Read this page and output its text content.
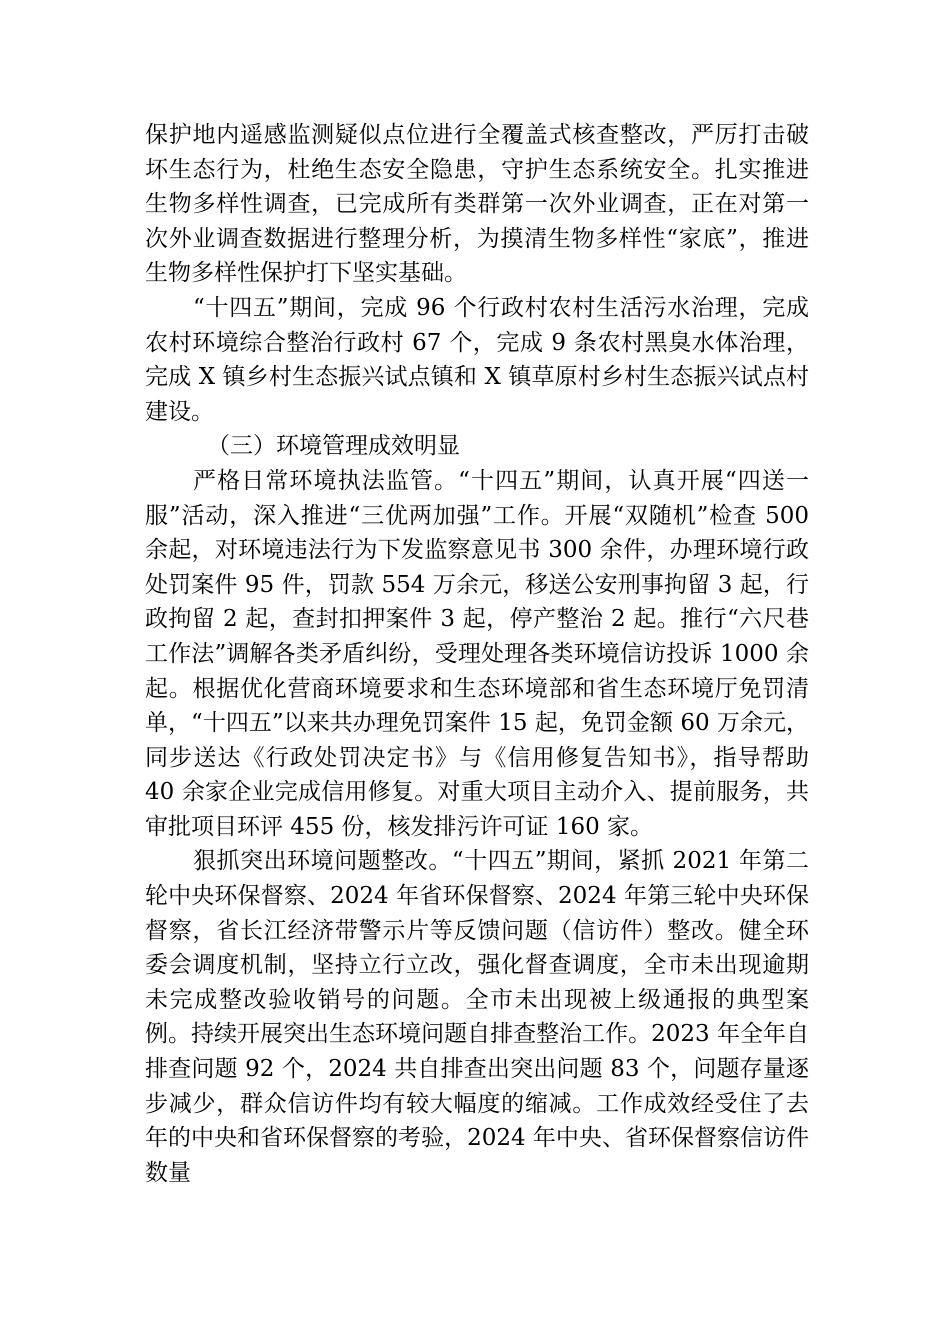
保护地内遥感监测疑似点位进行全覆盖式核查整改，严厉打击破坏生态行为，杜绝生态安全隐患，守护生态系统安全。扎实推进生物多样性调查，已完成所有类群第一次外业调查，正在对第一次外业调查数据进行整理分析，为摸清生物多样性“家底”，推进生物多样性保护打下坚实基础。

“十四五”期间，完成 96 个行政村农村生活污水治理，完成农村环境综合整治行政村 67 个，完成 9 条农村黑臭水体治理，完成 X 镇乡村生态振兴试点镇和 X 镇草原村乡村生态振兴试点村建设。

（三）环境管理成效明显

严格日常环境执法监管。“十四五”期间，认真开展“四送一服”活动，深入推进“三优两加强”工作。开展“双随机”检查 500 余起，对环境违法行为下发监察意见书 300 余件，办理环境行政处罚案件 95 件，罚款 554 万余元，移送公安刑事拘留 3 起，行政拘留 2 起，查封扣押案件 3 起，停产整治 2 起。推行“六尺巷工作法”调解各类矛盾纠纷，受理处理各类环境信访投诉 1000 余起。根据优化营商环境要求和生态环境部和省生态环境厅免罚清单，“十四五”以来共办理免罚案件 15 起，免罚金额 60 万余元，同步送达《行政处罚决定书》与《信用修复告知书》，指导帮助 40 余家企业完成信用修复。对重大项目主动介入、提前服务，共审批项目环评 455 份，核发排污许可证 160 家。

狠抓突出环境问题整改。“十四五”期间，紧抓 2021 年第二轮中央环保督察、2024 年省环保督察、2024 年第三轮中央环保督察，省长江经济带警示片等反馈问题（信访件）整改。健全环委会调度机制，坚持立行立改，强化督查调度，全市未出现逾期未完成整改验收销号的问题。全市未出现被上级通报的典型案例。持续开展突出生态环境问题自排查整治工作。2023 年全年自排查问题 92 个，2024 共自排查出突出问题 83 个，问题存量逐步减少，群众信访件均有较大幅度的缩减。工作成效经受住了去年的中央和省环保督察的考验，2024 年中央、省环保督察信访件数量
